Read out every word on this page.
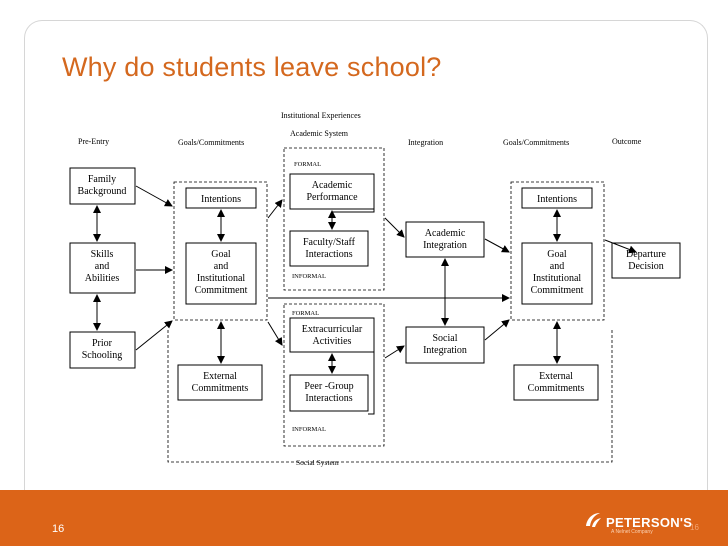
Why do students leave school?
Pre-Entry	Goals/Commitments
Institutional Experiences
Academic System
Integration	Goals/Commitments	Outcome
Family Background
Skills and Abilities
Prior Schooling
Intentions
Goal and Institutional Commitment
External Commitments
Academic Performance
Faculty/Staff Interactions
Extracurricular Activities
Peer -Group Interactions
Academic Integration
Social Integration
Intentions
Goal and Institutional Commitment
External Commitments
Departure Decision
FORMAL
INFORMAL
FORMAL
INFORMAL
Social System
16	PETERSON'S
A Nelnet Company	16
